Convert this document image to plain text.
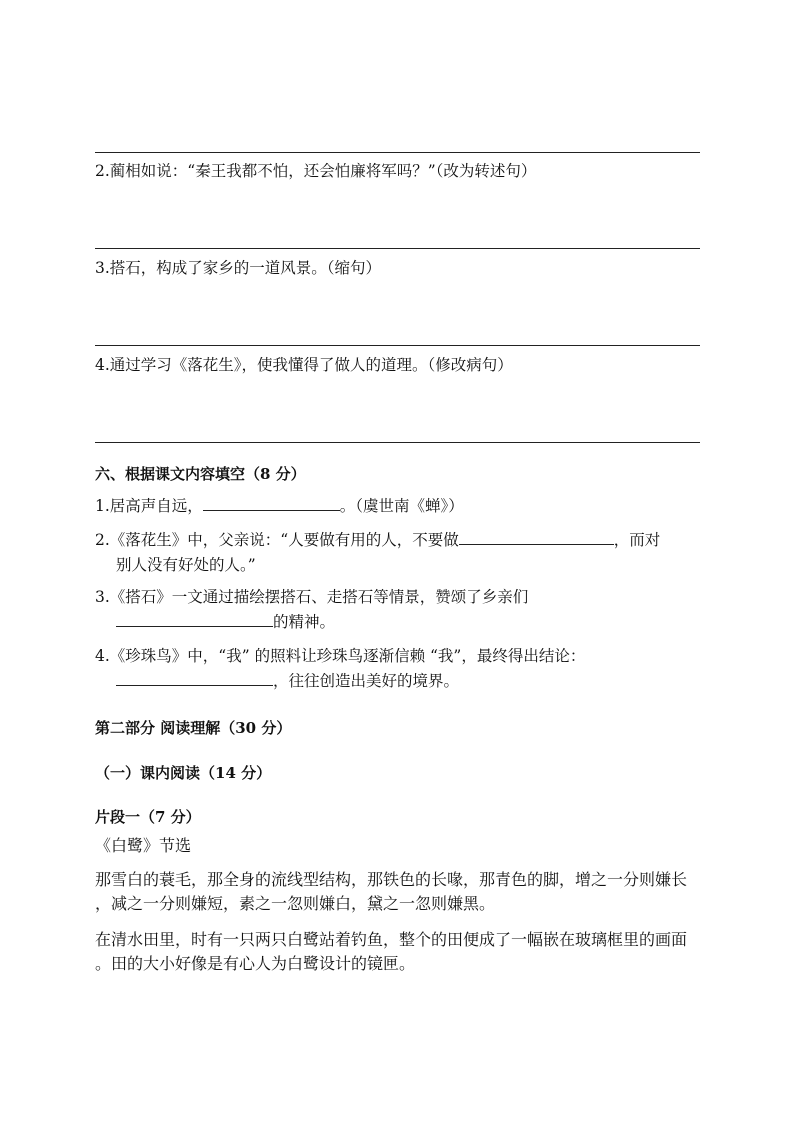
2.蔺相如说：“秦王我都不怕，还会怕廉将军吗？”（改为转述句）
3.搭石，构成了家乡的一道风景。（缩句）
4.通过学习《落花生》，使我懂得了做人的道理。（修改病句）
六、根据课文内容填空（8 分）
1.居高声自远，	。（虞世南《蝉》）
2.《落花生》中，父亲说：“人要做有用的人，不要做	，而对
别人没有好处的人。”
3.《搭石》一文通过描绘摆搭石、走搭石等情景，赞颂了乡亲们
的精神。
4.《珍珠鸟》中，“我” 的照料让珍珠鸟逐渐信赖 “我”，最终得出结论：
，往往创造出美好的境界。
第二部分 阅读理解（30 分）
（一）课内阅读（14 分）
片段一（7 分）
《白鹭》节选
那雪白的蓑毛，那全身的流线型结构，那铁色的长喙，那青色的脚，增之一分则嫌长
，减之一分则嫌短，素之一忽则嫌白，黛之一忽则嫌黑。
在清水田里，时有一只两只白鹭站着钓鱼，整个的田便成了一幅嵌在玻璃框里的画面
。田的大小好像是有心人为白鹭设计的镜匣。
